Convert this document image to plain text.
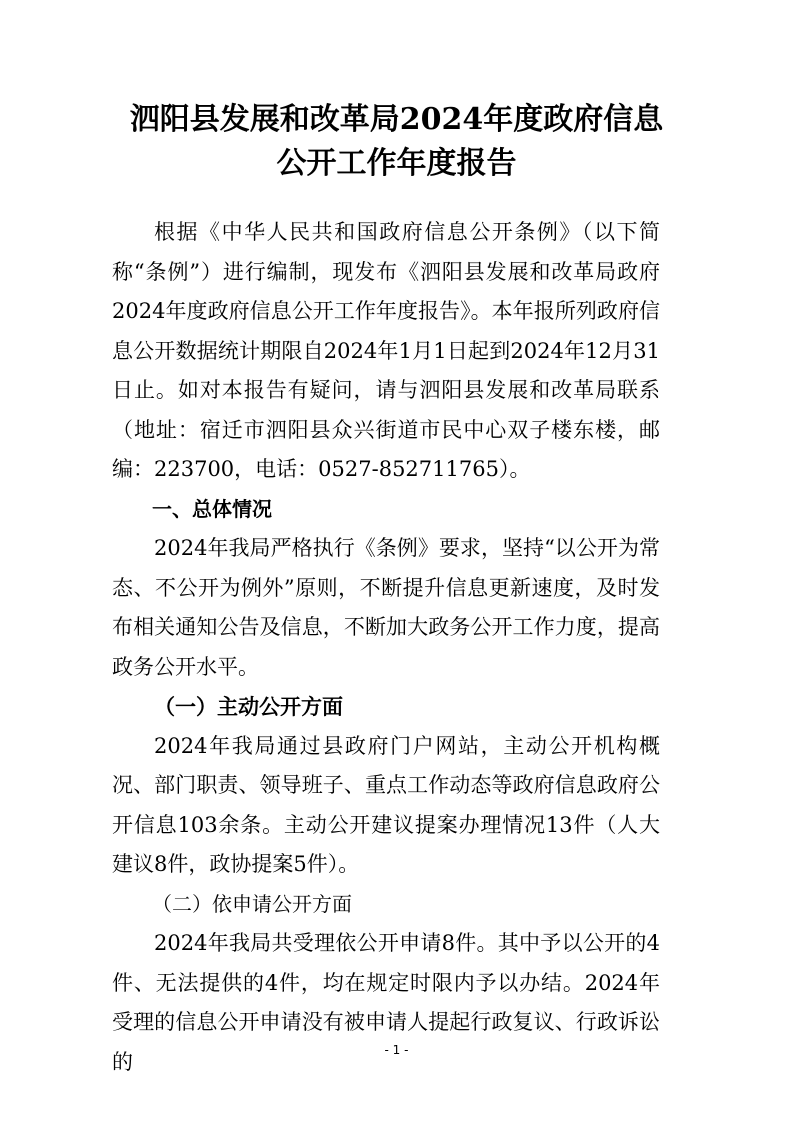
泗阳县发展和改革局2024年度政府信息
公开工作年度报告

根据《中华人民共和国政府信息公开条例》（以下简称“条例”）进行编制，现发布《泗阳县发展和改革局政府2024年度政府信息公开工作年度报告》。本年报所列政府信息公开数据统计期限自2024年1月1日起到2024年12月31日止。如对本报告有疑问，请与泗阳县发展和改革局联系（地址：宿迁市泗阳县众兴街道市民中心双子楼东楼，邮编：223700，电话：0527-852711765）。

一、总体情况

2024年我局严格执行《条例》要求，坚持“以公开为常态、不公开为例外”原则，不断提升信息更新速度，及时发布相关通知公告及信息，不断加大政务公开工作力度，提高政务公开水平。

（一）主动公开方面

2024年我局通过县政府门户网站，主动公开机构概况、部门职责、领导班子、重点工作动态等政府信息政府公开信息103余条。主动公开建议提案办理情况13件（人大建议8件，政协提案5件）。

（二）依申请公开方面

2024年我局共受理依公开申请8件。其中予以公开的4件、无法提供的4件，均在规定时限内予以办结。2024年受理的信息公开申请没有被申请人提起行政复议、行政诉讼的	- 1 -
